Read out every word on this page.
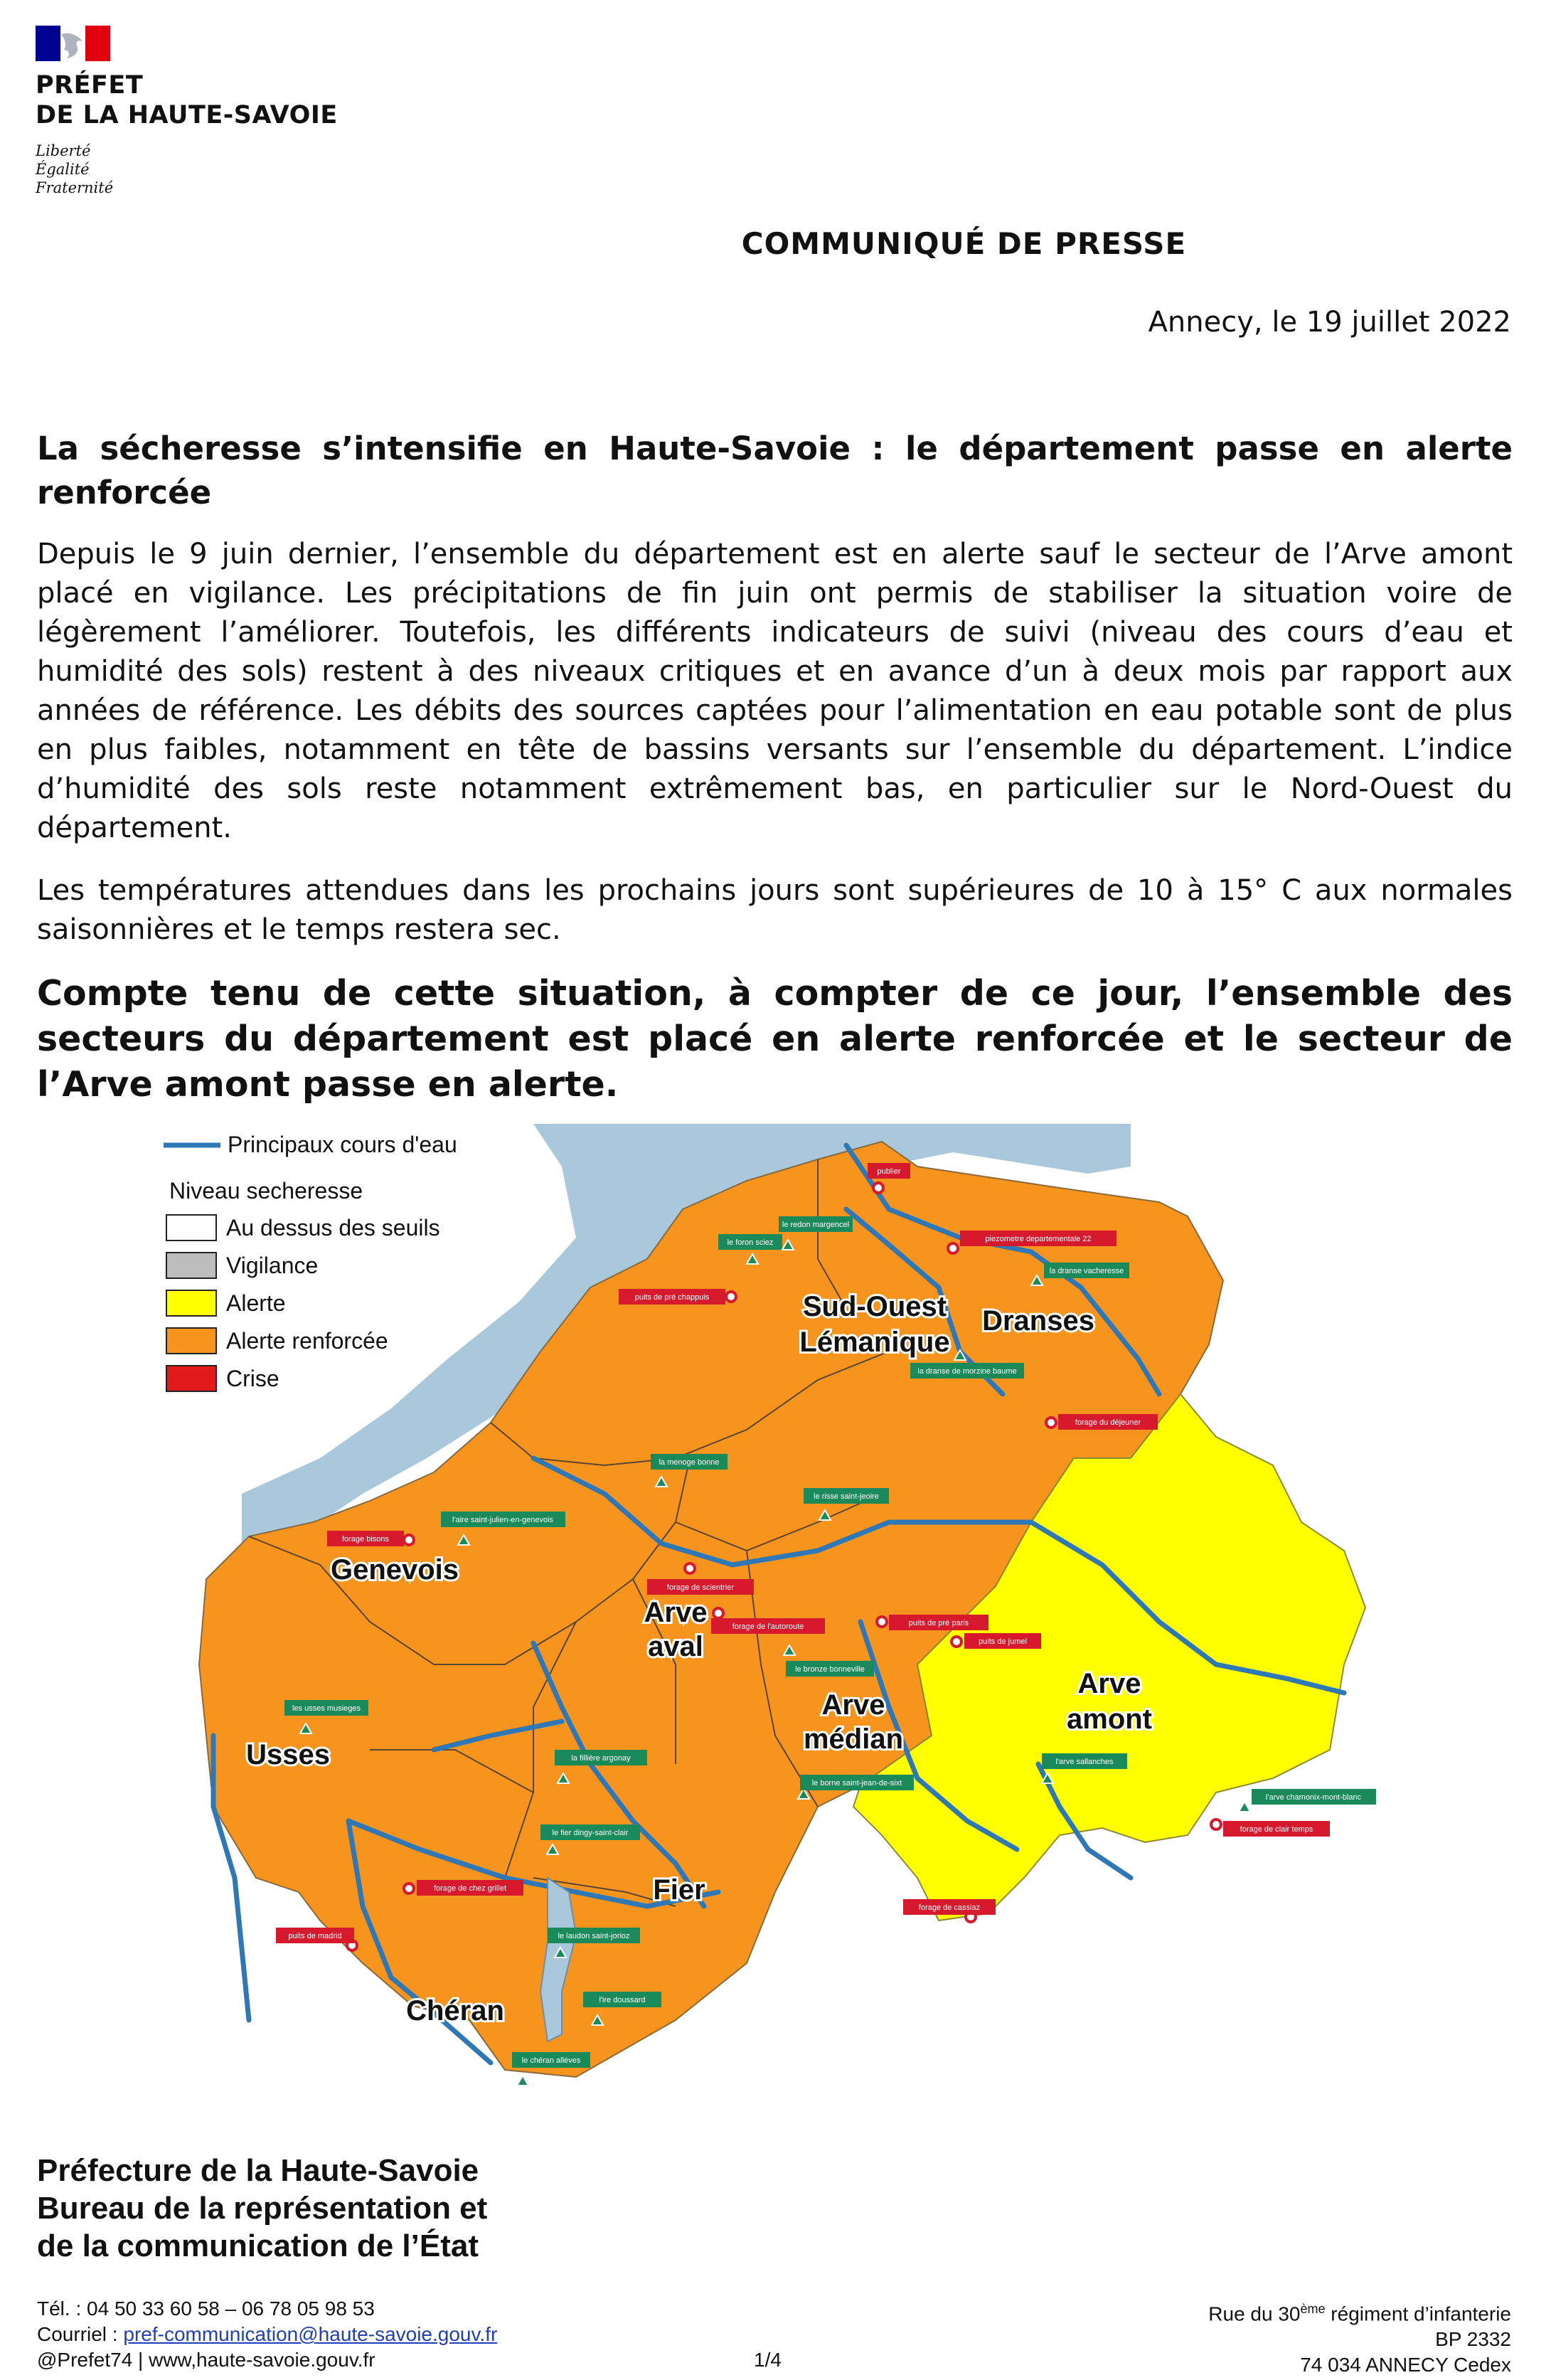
PRÉFET
DE LA HAUTE-SAVOIE
Liberté
Égalité
Fraternité
COMMUNIQUÉ DE PRESSE
Annecy, le 19 juillet 2022
La sécheresse s’intensifie en Haute-Savoie : le département passe en alerte renforcée
Depuis le 9 juin dernier, l’ensemble du département est en alerte sauf le secteur de l’Arve amont placé en vigilance. Les précipitations de fin juin ont permis de stabiliser la situation voire de légèrement l’améliorer. Toutefois, les différents indicateurs de suivi (niveau des cours d’eau et humidité des sols) restent à des niveaux critiques et en avance d’un à deux mois par rapport aux années de référence. Les débits des sources captées pour l’alimentation en eau potable sont de plus en plus faibles, notamment en tête de bassins versants sur l’ensemble du département. L’indice d’humidité des sols reste notamment extrêmement bas, en particulier sur le Nord-Ouest du département.
Les températures attendues dans les prochains jours sont supérieures de 10 à 15° C aux normales saisonnières et le temps restera sec.
Compte tenu de cette situation, à compter de ce jour, l’ensemble des secteurs du département est placé en alerte renforcée et le secteur de l’Arve amont passe en alerte.
Principaux cours d'eau
Niveau secheresse
Au dessus des seuils
Vigilance
Alerte
Alerte renforcée
Crise
Sud-Ouest
Lémanique
Dranses
Genevois
Arve
aval
Arve
médian
Arve
amont
Usses
Fier
Chéran
le foron sciez
le redon margencel
la dranse vacheresse
la dranse de morzine baume
la menoge bonne
l'aire saint-julien-en-genevois
le risse saint-jeoire
le bronze bonneville
les usses musieges
la fillière argonay
le borne saint-jean-de-sixt
l'arve sallanches
l'arve chamonix-mont-blanc
le fier dingy-saint-clair
le laudon saint-jorioz
l'ire doussard
le chéran alléves
publier
piezometre departementale 22
puits de pré chappuis
forage du déjeuner
forage bisons
forage de scientrier
forage de l'autoroute	puits de pré paris
puits de jumel
forage de clair temps
forage de chez grillet
forage de cassiaz
puits de madrid
Préfecture de la Haute-Savoie
Bureau de la représentation et
de la communication de l’État
Tél. : 04 50 33 60 58 – 06 78 05 98 53
Courriel : pref-communication@haute-savoie.gouv.fr
@Prefet74 | www,haute-savoie.gouv.fr	1/4
Rue du 30ème régiment d’infanterie
BP 2332
74 034 ANNECY Cedex
